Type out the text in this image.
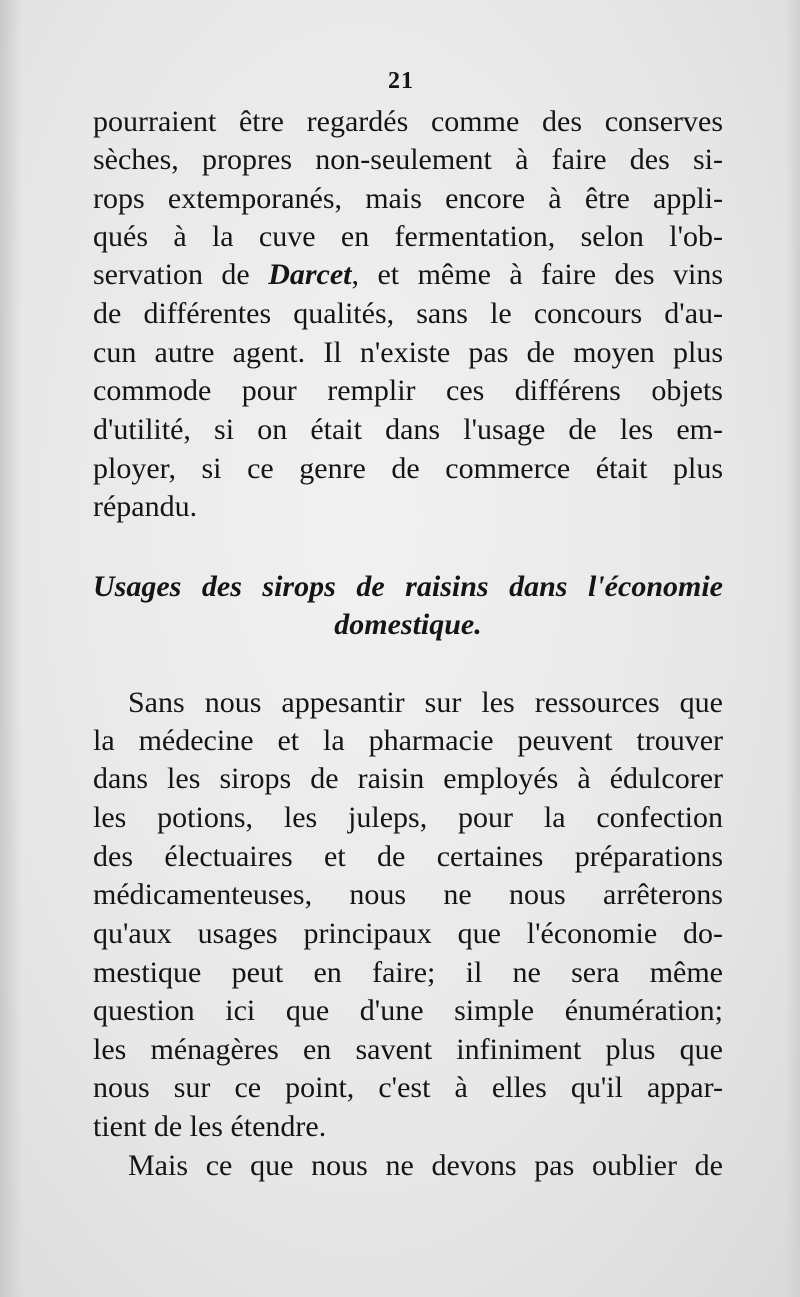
21
pourraient être regardés comme des conserves
sèches, propres non-seulement à faire des si-
rops extemporanés, mais encore à être appli-
qués à la cuve en fermentation, selon l'ob-
servation de Darcet, et même à faire des vins
de différentes qualités, sans le concours d'au-
cun autre agent. Il n'existe pas de moyen plus
commode pour remplir ces différens objets
d'utilité, si on était dans l'usage de les em-
ployer, si ce genre de commerce était plus
répandu.
Usages des sirops de raisins dans l'économie
domestique.
Sans nous appesantir sur les ressources que
la médecine et la pharmacie peuvent trouver
dans les sirops de raisin employés à édulcorer
les potions, les juleps, pour la confection
des électuaires et de certaines préparations
médicamenteuses, nous ne nous arrêterons
qu'aux usages principaux que l'économie do-
mestique peut en faire; il ne sera même
question ici que d'une simple énumération;
les ménagères en savent infiniment plus que
nous sur ce point, c'est à elles qu'il appar-
tient de les étendre.
Mais ce que nous ne devons pas oublier de
